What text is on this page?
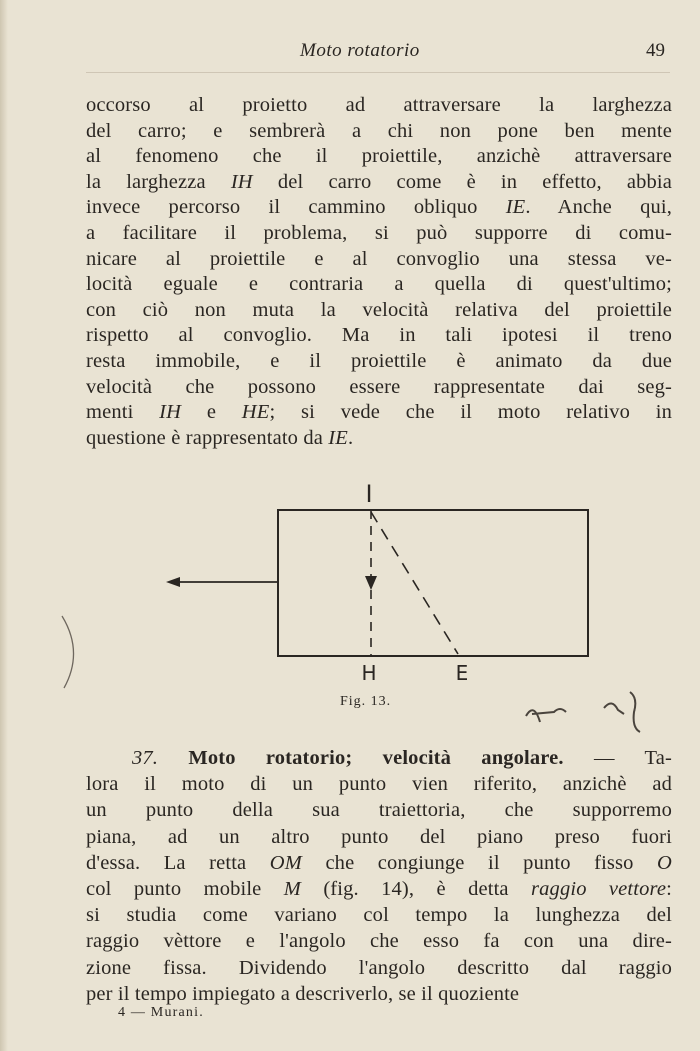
Moto rotatorio	49
occorso al proietto ad attraversare la larghezza
del carro; e sembrerà a chi non pone ben mente
al fenomeno che il proiettile, anzichè attraversare
la larghezza IH del carro come è in effetto, abbia
invece percorso il cammino obliquo IE. Anche qui,
a facilitare il problema, si può supporre di comu-
nicare al proiettile e al convoglio una stessa ve-
locità eguale e contraria a quella di quest'ultimo;
con ciò non muta la velocità relativa del proiettile
rispetto al convoglio. Ma in tali ipotesi il treno
resta immobile, e il proiettile è animato da due
velocità che possono essere rappresentate dai seg-
menti IH e HE; si vede che il moto relativo in
questione è rappresentato da IE.
I
H	E
Fig. 13.
37. Moto rotatorio; velocità angolare. — Ta-
lora il moto di un punto vien riferito, anzichè ad
un punto della sua traiettoria, che supporremo
piana, ad un altro punto del piano preso fuori
d'essa. La retta OM che congiunge il punto fisso O
col punto mobile M (fig. 14), è detta raggio vettore:
si studia come variano col tempo la lunghezza del
raggio vèttore e l'angolo che esso fa con una dire-
zione fissa. Dividendo l'angolo descritto dal raggio
per il tempo impiegato a descriverlo, se il quoziente
4 — Murani.
